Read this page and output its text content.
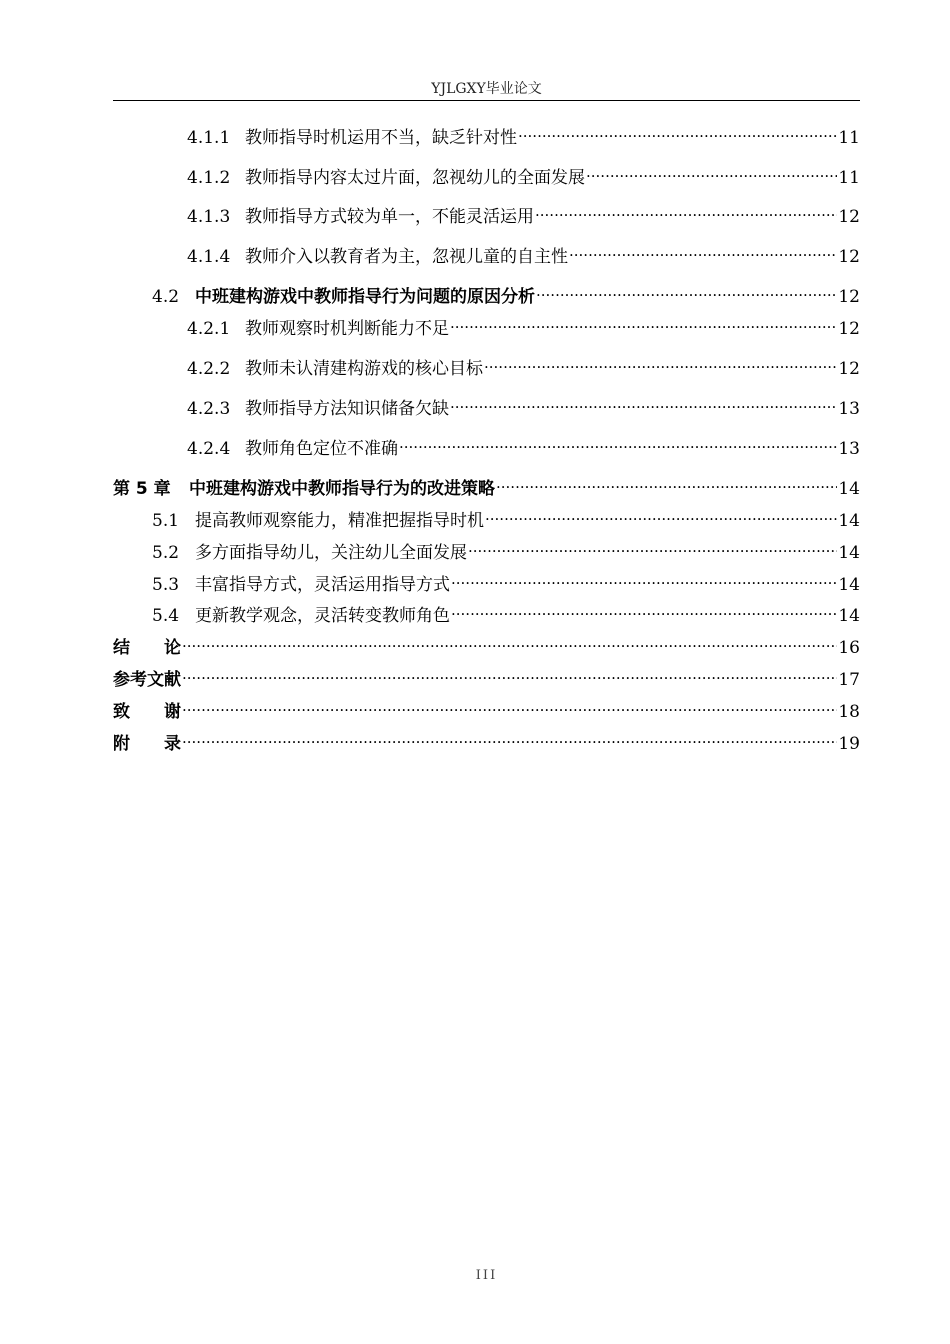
YJLGXY毕业论文
4.1.1 教师指导时机运用不当，缺乏针对性 .....	11
4.1.2 教师指导内容太过片面，忽视幼儿的全面发展 .....	11
4.1.3 教师指导方式较为单一，不能灵活运用 .....	12
4.1.4 教师介入以教育者为主，忽视儿童的自主性 .....	12
4.2 中班建构游戏中教师指导行为问题的原因分析 .....	12
4.2.1 教师观察时机判断能力不足 .....	12
4.2.2 教师未认清建构游戏的核心目标 .....	12
4.2.3 教师指导方法知识储备欠缺 .....	13
4.2.4 教师角色定位不准确 .....	13
第 5 章	中班建构游戏中教师指导行为的改进策略 .....	14
5.1 提高教师观察能力，精准把握指导时机 .....	14
5.2 多方面指导幼儿，关注幼儿全面发展 .....	14
5.3 丰富指导方式，灵活运用指导方式 .....	14
5.4 更新教学观念，灵活转变教师角色 .....	14
结　　论 .....	16
参考文献 .....	17
致　　谢 .....	18
附　　录 .....	19
III
